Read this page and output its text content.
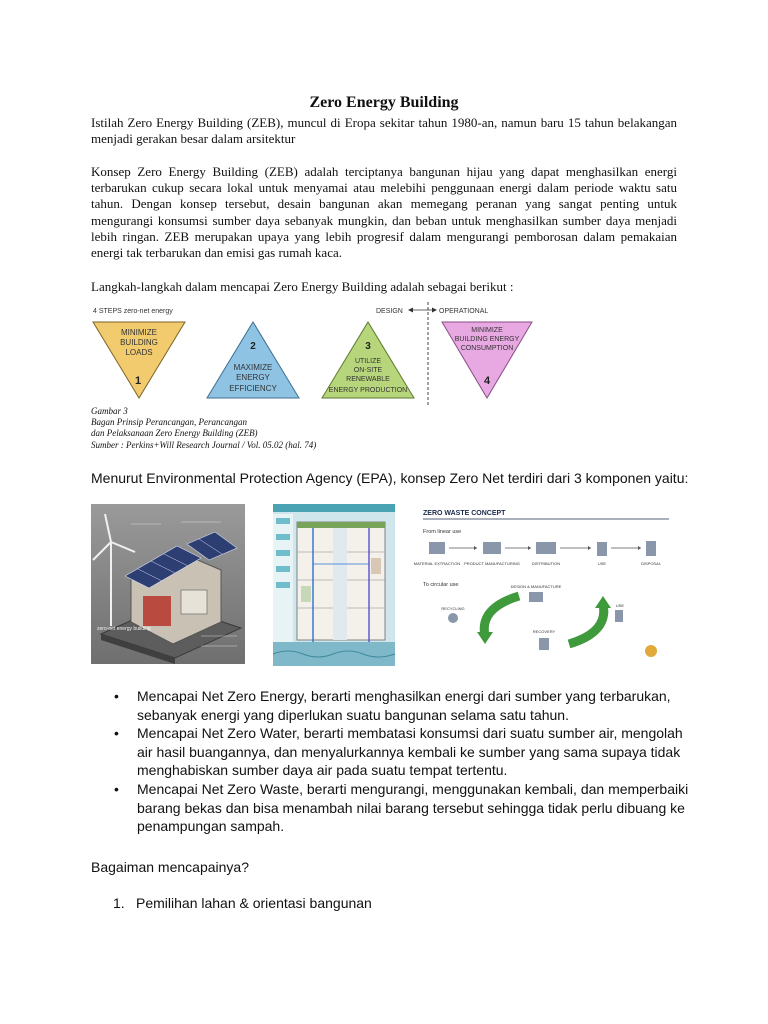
Zero Energy Building
Istilah Zero Energy Building (ZEB), muncul di Eropa sekitar tahun 1980-an, namun baru 15 tahun belakangan menjadi gerakan besar dalam arsitektur
Konsep Zero Energy Building (ZEB) adalah terciptanya bangunan hijau yang dapat menghasilkan energi terbarukan cukup secara lokal untuk menyamai atau melebihi penggunaan energi dalam periode waktu satu tahun. Dengan konsep tersebut, desain bangunan akan memegang peranan yang sangat penting untuk mengurangi konsumsi sumber daya sebanyak mungkin, dan beban untuk menghasilkan sumber daya menjadi lebih ringan. ZEB merupakan upaya yang lebih progresif dalam mengurangi pemborosan dalam pemakaian energi tak terbarukan dan emisi gas rumah kaca.
Langkah-langkah dalam mencapai Zero Energy Building adalah sebagai berikut :
4 STEPS zero-net energy	DESIGN	OPERATIONAL
MINIMIZE
BUILDING
LOADS
1
2
MAXIMIZE
ENERGY
EFFICIENCY
3
UTILIZE
ON-SITE
RENEWABLE
ENERGY PRODUCTION
MINIMIZE
BUILDING ENERGY
CONSUMPTION
4
Gambar 3
Bagan Prinsip Perancangan, Perancangan
dan Pelaksanaan Zero Energy Building (ZEB)
Sumber : Perkins+Will Research Journal / Vol. 05.02 (hal. 74)
Menurut Environmental Protection Agency (EPA), konsep Zero Net terdiri dari 3 komponen yaitu:
zero-net energy building
ZERO WASTE CONCEPT
From linear use
MATERIAL EXTRACTION PRODUCT MANUFACTURING	DISTRIBUTION	USE	DISPOSAL
To circular use	DESIGN & MANUFACTURE
RECYCLING
USE
RECOVERY
• Mencapai Net Zero Energy, berarti menghasilkan energi dari sumber yang terbarukan, sebanyak energi yang diperlukan suatu bangunan selama satu tahun.
• Mencapai Net Zero Water, berarti membatasi konsumsi dari suatu sumber air, mengolah air hasil buangannya, dan menyalurkannya kembali ke sumber yang sama supaya tidak menghabiskan sumber daya air pada suatu tempat tertentu.
• Mencapai Net Zero Waste, berarti mengurangi, menggunakan kembali, dan memperbaiki barang bekas dan bisa menambah nilai barang tersebut sehingga tidak perlu dibuang ke penampungan sampah.
Bagaiman mencapainya?
1. Pemilihan lahan & orientasi bangunan
